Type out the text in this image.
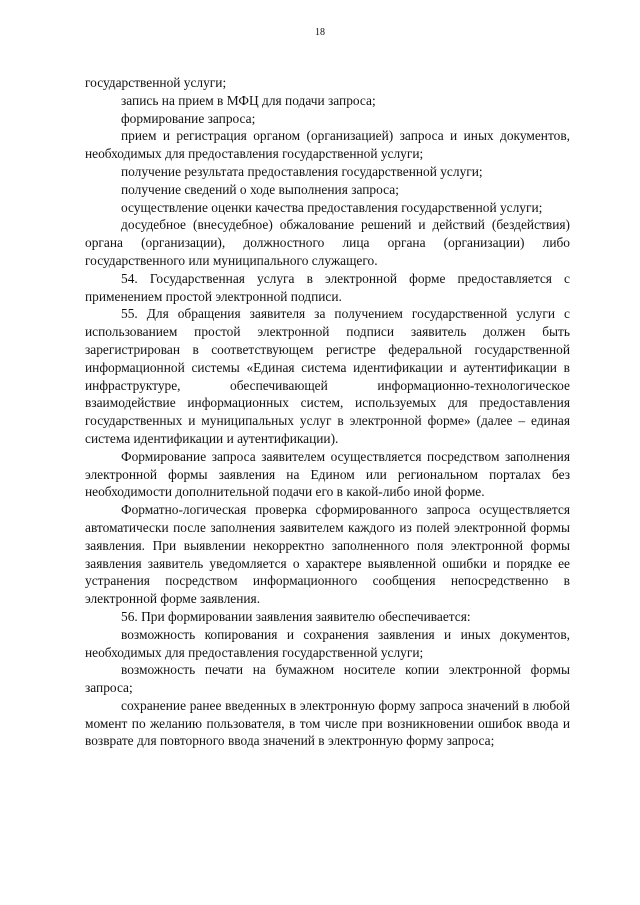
18

государственной услуги;

запись на прием в МФЦ для подачи запроса;

формирование запроса;

прием и регистрация органом (организацией) запроса и иных документов, необходимых для предоставления государственной услуги;

получение результата предоставления государственной услуги;

получение сведений о ходе выполнения запроса;

осуществление оценки качества предоставления государственной услуги;

досудебное (внесудебное) обжалование решений и действий (бездействия) органа (организации), должностного лица органа (организации) либо государственного или муниципального служащего.

54. Государственная услуга в электронной форме предоставляется с применением простой электронной подписи.

55. Для обращения заявителя за получением государственной услуги с использованием простой электронной подписи заявитель должен быть зарегистрирован в соответствующем регистре федеральной государственной информационной системы «Единая система идентификации и аутентификации в инфраструктуре, обеспечивающей информационно-технологическое взаимодействие информационных систем, используемых для предоставления государственных и муниципальных услуг в электронной форме» (далее – единая система идентификации и аутентификации).

Формирование запроса заявителем осуществляется посредством заполнения электронной формы заявления на Едином или региональном порталах без необходимости дополнительной подачи его в какой-либо иной форме.

Форматно-логическая проверка сформированного запроса осуществляется автоматически после заполнения заявителем каждого из полей электронной формы заявления. При выявлении некорректно заполненного поля электронной формы заявления заявитель уведомляется о характере выявленной ошибки и порядке ее устранения посредством информационного сообщения непосредственно в электронной форме заявления.

56. При формировании заявления заявителю обеспечивается:

возможность копирования и сохранения заявления и иных документов, необходимых для предоставления государственной услуги;

возможность печати на бумажном носителе копии электронной формы запроса;

сохранение ранее введенных в электронную форму запроса значений в любой момент по желанию пользователя, в том числе при возникновении ошибок ввода и возврате для повторного ввода значений в электронную форму запроса;
